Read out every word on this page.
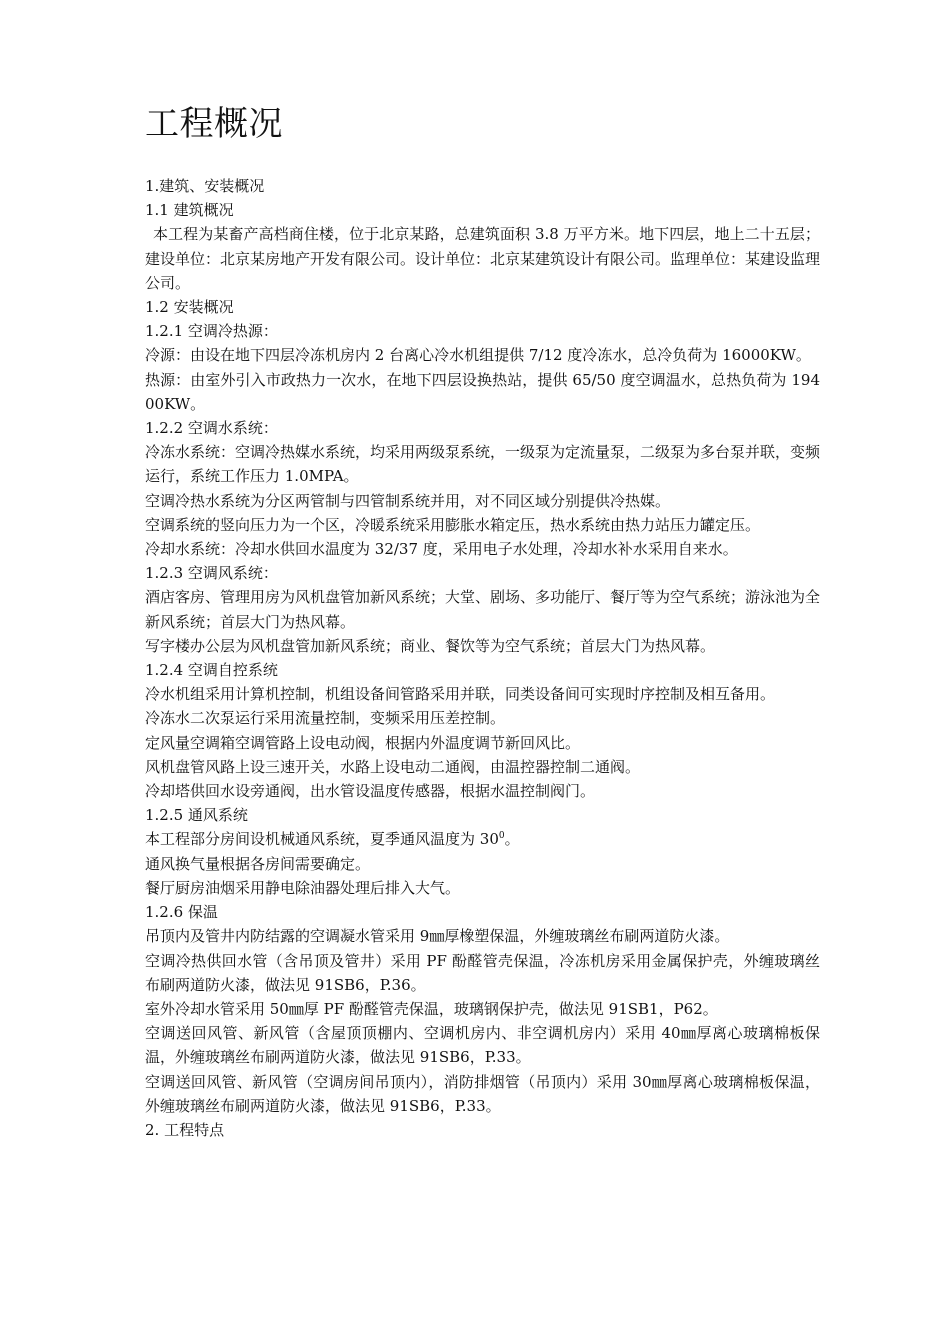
工程概况

1.建筑、安装概况

1.1 建筑概况

本工程为某畜产高档商住楼，位于北京某路，总建筑面积 3.8 万平方米。地下四层，地上二十五层；建设单位：北京某房地产开发有限公司。设计单位：北京某建筑设计有限公司。监理单位：某建设监理公司。

1.2 安装概况

1.2.1 空调冷热源：

冷源：由设在地下四层冷冻机房内 2 台离心冷水机组提供 7/12 度冷冻水，总冷负荷为 16000KW。

热源：由室外引入市政热力一次水，在地下四层设换热站，提供 65/50 度空调温水，总热负荷为 19400KW。

1.2.2 空调水系统：

冷冻水系统：空调冷热媒水系统，均采用两级泵系统，一级泵为定流量泵，二级泵为多台泵并联，变频运行，系统工作压力 1.0MPA。

空调冷热水系统为分区两管制与四管制系统并用，对不同区域分别提供冷热媒。

空调系统的竖向压力为一个区，冷暖系统采用膨胀水箱定压，热水系统由热力站压力罐定压。

冷却水系统：冷却水供回水温度为 32/37 度，采用电子水处理，冷却水补水采用自来水。

1.2.3 空调风系统：

酒店客房、管理用房为风机盘管加新风系统；大堂、剧场、多功能厅、餐厅等为空气系统；游泳池为全新风系统；首层大门为热风幕。

写字楼办公层为风机盘管加新风系统；商业、餐饮等为空气系统；首层大门为热风幕。

1.2.4 空调自控系统

冷水机组采用计算机控制，机组设备间管路采用并联，同类设备间可实现时序控制及相互备用。

冷冻水二次泵运行采用流量控制，变频采用压差控制。

定风量空调箱空调管路上设电动阀，根据内外温度调节新回风比。

风机盘管风路上设三速开关，水路上设电动二通阀，由温控器控制二通阀。

冷却塔供回水设旁通阀，出水管设温度传感器，根据水温控制阀门。

1.2.5 通风系统

本工程部分房间设机械通风系统，夏季通风温度为 $30^0$。

通风换气量根据各房间需要确定。

餐厅厨房油烟采用静电除油器处理后排入大气。

1.2.6 保温

吊顶内及管井内防结露的空调凝水管采用 9㎜厚橡塑保温，外缠玻璃丝布刷两道防火漆。

空调冷热供回水管（含吊顶及管井）采用 PF 酚醛管壳保温，冷冻机房采用金属保护壳，外缠玻璃丝布刷两道防火漆，做法见 91SB6，P.36。

室外冷却水管采用 50㎜厚 PF 酚醛管壳保温，玻璃钢保护壳，做法见 91SB1，P62。

空调送回风管、新风管（含屋顶顶棚内、空调机房内、非空调机房内）采用 40㎜厚离心玻璃棉板保温，外缠玻璃丝布刷两道防火漆，做法见 91SB6，P.33。

空调送回风管、新风管（空调房间吊顶内），消防排烟管（吊顶内）采用 30㎜厚离心玻璃棉板保温，外缠玻璃丝布刷两道防火漆，做法见 91SB6，P.33。

2. 工程特点
